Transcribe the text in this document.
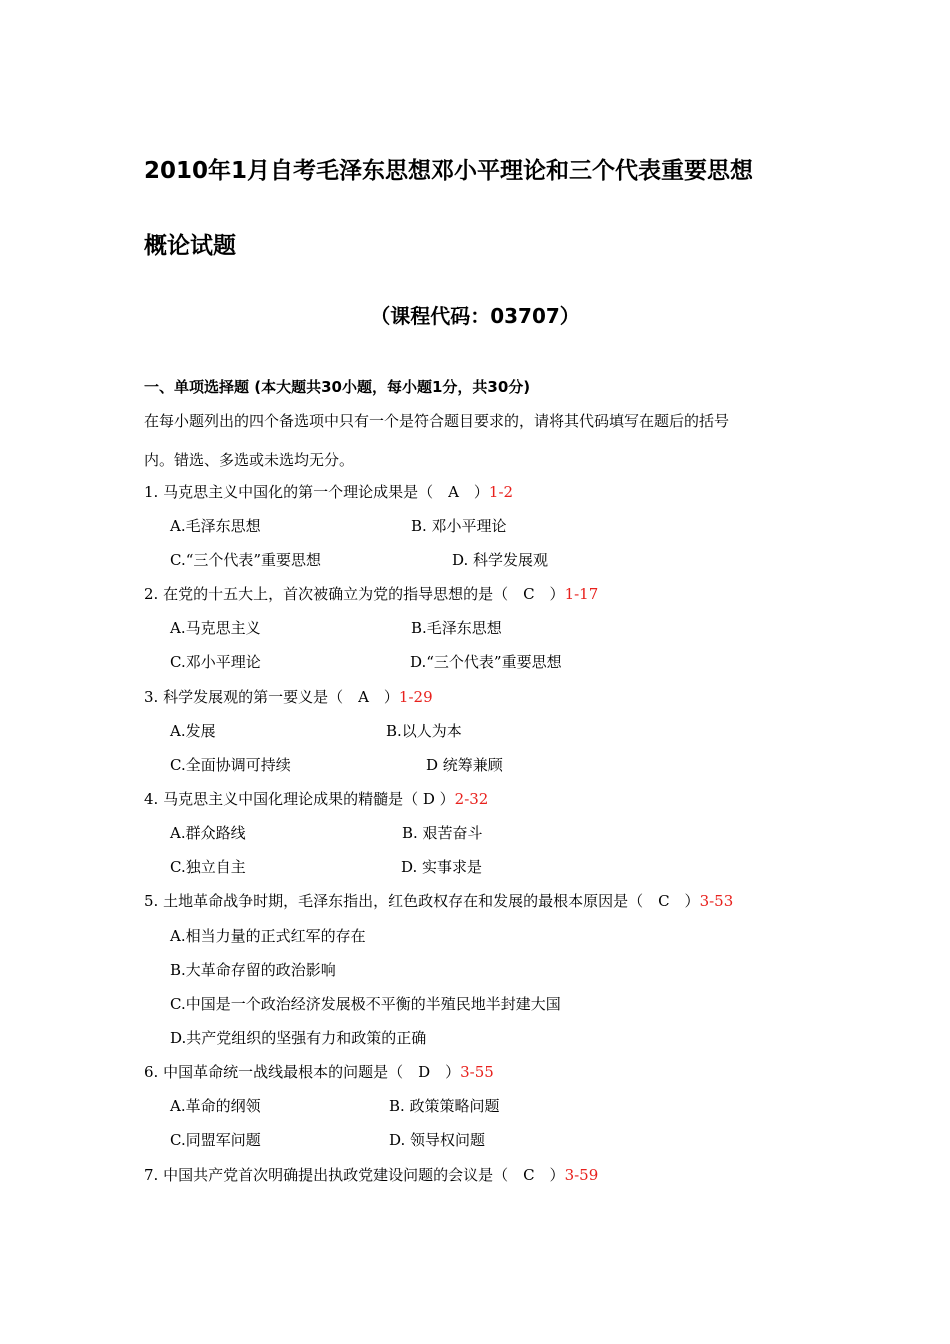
2010年1月自考毛泽东思想邓小平理论和三个代表重要思想
概论试题
（课程代码：03707）
一、单项选择题 (本大题共30小题，每小题1分，共30分)
在每小题列出的四个备选项中只有一个是符合题目要求的，请将其代码填写在题后的括号
内。错选、多选或未选均无分。
1. 马克思主义中国化的第一个理论成果是（　A　）1-2
A.毛泽东思想	B. 邓小平理论
C.“三个代表”重要思想	D. 科学发展观
2. 在党的十五大上，首次被确立为党的指导思想的是（　C　）1-17
A.马克思主义	B.毛泽东思想
C.邓小平理论	D.“三个代表”重要思想
3. 科学发展观的第一要义是（　A　）1-29
A.发展	B.以人为本
C.全面协调可持续	D 统筹兼顾
4. 马克思主义中国化理论成果的精髓是（ D ）2-32
A.群众路线	B. 艰苦奋斗
C.独立自主	D. 实事求是
5. 土地革命战争时期，毛泽东指出，红色政权存在和发展的最根本原因是（　C　）3-53
A.相当力量的正式红军的存在
B.大革命存留的政治影响
C.中国是一个政治经济发展极不平衡的半殖民地半封建大国
D.共产党组织的坚强有力和政策的正确
6. 中国革命统一战线最根本的问题是（　D　）3-55
A.革命的纲领	B. 政策策略问题
C.同盟军问题	D. 领导权问题
7. 中国共产党首次明确提出执政党建设问题的会议是（　C　）3-59
